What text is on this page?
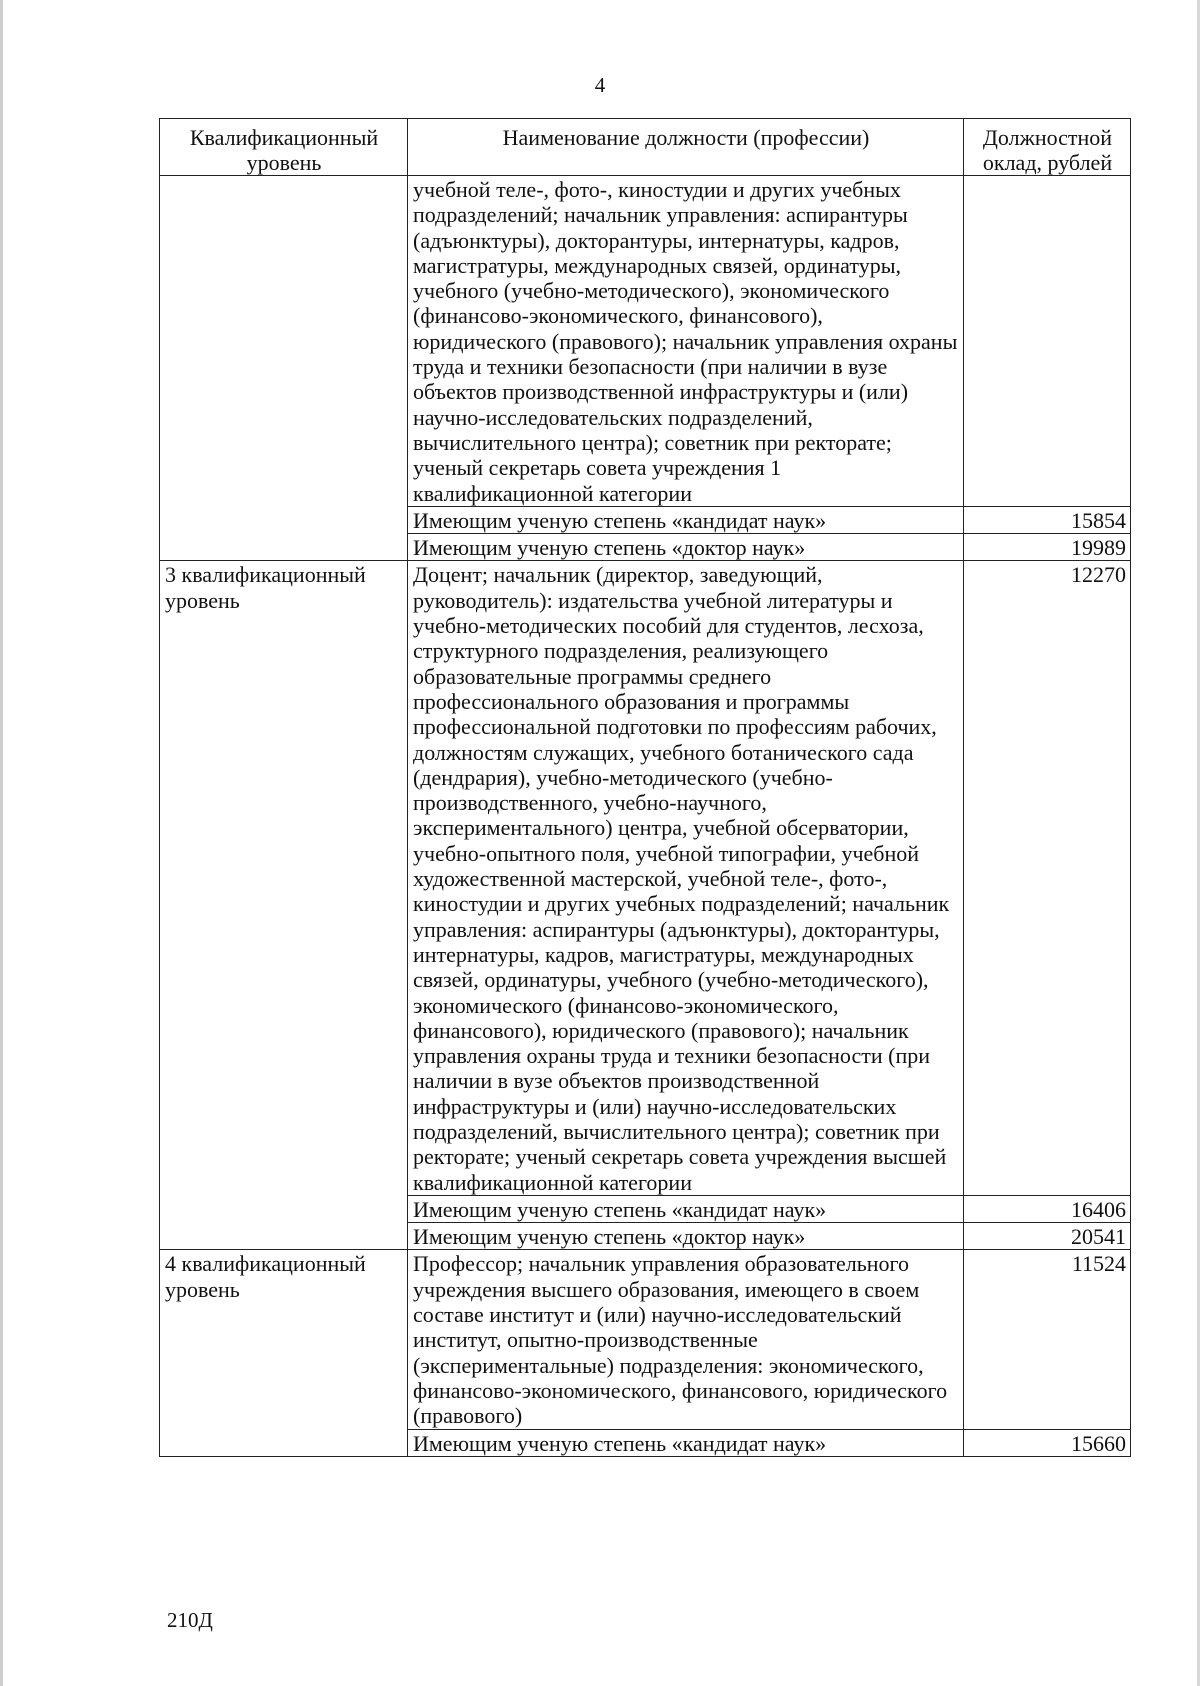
4
Квалификационный уровень	Наименование должности (профессии)	Должностной оклад, рублей
	учебной теле-, фото-, киностудии и других учебных подразделений; начальник управления: аспирантуры (адъюнктуры), докторантуры, интернатуры, кадров, магистратуры, международных связей, ординатуры, учебного (учебно-методического), экономического (финансово-экономического, финансового), юридического (правового); начальник управления охраны труда и техники безопасности (при наличии в вузе объектов производственной инфраструктуры и (или) научно-исследовательских подразделений, вычислительного центра); советник при ректорате; ученый секретарь совета учреждения 1 квалификационной категории	
	Имеющим ученую степень «кандидат наук»	15854
	Имеющим ученую степень «доктор наук»	19989
3 квалификационный уровень	Доцент; начальник (директор, заведующий, руководитель): издательства учебной литературы и учебно-методических пособий для студентов, лесхоза, структурного подразделения, реализующего образовательные программы среднего профессионального образования и программы профессиональной подготовки по профессиям рабочих, должностям служащих, учебного ботанического сада (дендрария), учебно-методического (учебно-производственного, учебно-научного, экспериментального) центра, учебной обсерватории, учебно-опытного поля, учебной типографии, учебной художественной мастерской, учебной теле-, фото-, киностудии и других учебных подразделений; начальник управления: аспирантуры (адъюнктуры), докторантуры, интернатуры, кадров, магистратуры, международных связей, ординатуры, учебного (учебно-методического), экономического (финансово-экономического, финансового), юридического (правового); начальник управления охраны труда и техники безопасности (при наличии в вузе объектов производственной инфраструктуры и (или) научно-исследовательских подразделений, вычислительного центра); советник при ректорате; ученый секретарь совета учреждения высшей квалификационной категории	12270
	Имеющим ученую степень «кандидат наук»	16406
	Имеющим ученую степень «доктор наук»	20541
4 квалификационный уровень	Профессор; начальник управления образовательного учреждения высшего образования, имеющего в своем составе институт и (или) научно-исследовательский институт, опытно-производственные (экспериментальные) подразделения: экономического, финансово-экономического, финансового, юридического (правового)	11524
	Имеющим ученую степень «кандидат наук»	15660
210Д
